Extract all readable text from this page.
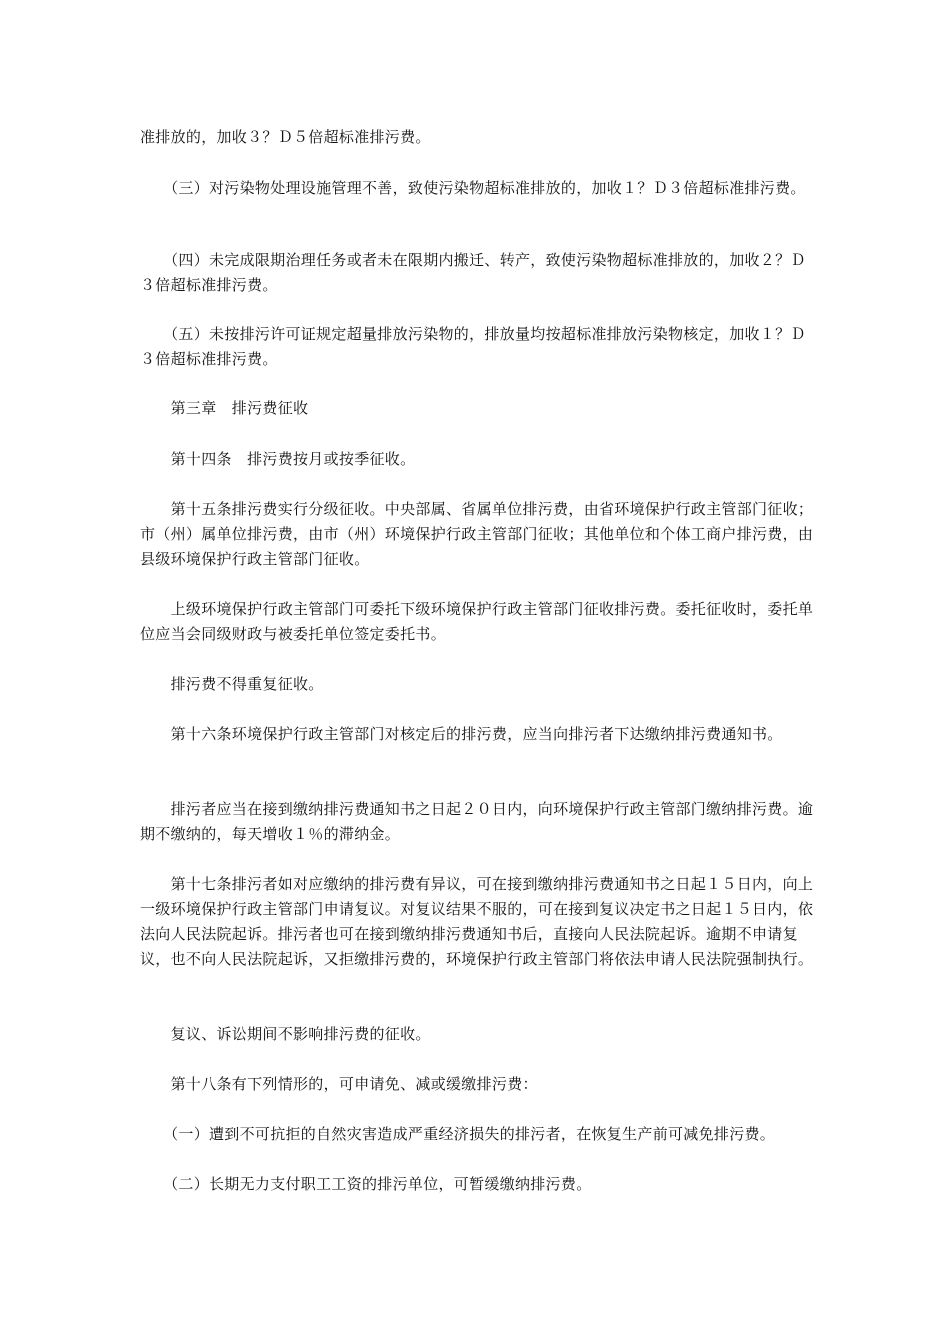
准排放的，加收３？Ｄ５倍超标准排污费。

　　（三）对污染物处理设施管理不善，致使污染物超标准排放的，加收１？Ｄ３倍超标准排污费。

　　（四）未完成限期治理任务或者未在限期内搬迁、转产，致使污染物超标准排放的，加收２？Ｄ３倍超标准排污费。

　　（五）未按排污许可证规定超量排放污染物的，排放量均按超标准排放污染物核定，加收１？Ｄ３倍超标准排污费。

　　第三章　排污费征收

　　第十四条　排污费按月或按季征收。

　　第十五条排污费实行分级征收。中央部属、省属单位排污费，由省环境保护行政主管部门征收；市（州）属单位排污费，由市（州）环境保护行政主管部门征收；其他单位和个体工商户排污费，由县级环境保护行政主管部门征收。

　　上级环境保护行政主管部门可委托下级环境保护行政主管部门征收排污费。委托征收时，委托单位应当会同级财政与被委托单位签定委托书。

　　排污费不得重复征收。

　　第十六条环境保护行政主管部门对核定后的排污费，应当向排污者下达缴纳排污费通知书。

　　排污者应当在接到缴纳排污费通知书之日起２０日内，向环境保护行政主管部门缴纳排污费。逾期不缴纳的，每天增收１％的滞纳金。

　　第十七条排污者如对应缴纳的排污费有异议，可在接到缴纳排污费通知书之日起１５日内，向上一级环境保护行政主管部门申请复议。对复议结果不服的，可在接到复议决定书之日起１５日内，依法向人民法院起诉。排污者也可在接到缴纳排污费通知书后，直接向人民法院起诉。逾期不申请复议，也不向人民法院起诉，又拒缴排污费的，环境保护行政主管部门将依法申请人民法院强制执行。

　　复议、诉讼期间不影响排污费的征收。

　　第十八条有下列情形的，可申请免、减或缓缴排污费：

　　（一）遭到不可抗拒的自然灾害造成严重经济损失的排污者，在恢复生产前可减免排污费。

　　（二）长期无力支付职工工资的排污单位，可暂缓缴纳排污费。
